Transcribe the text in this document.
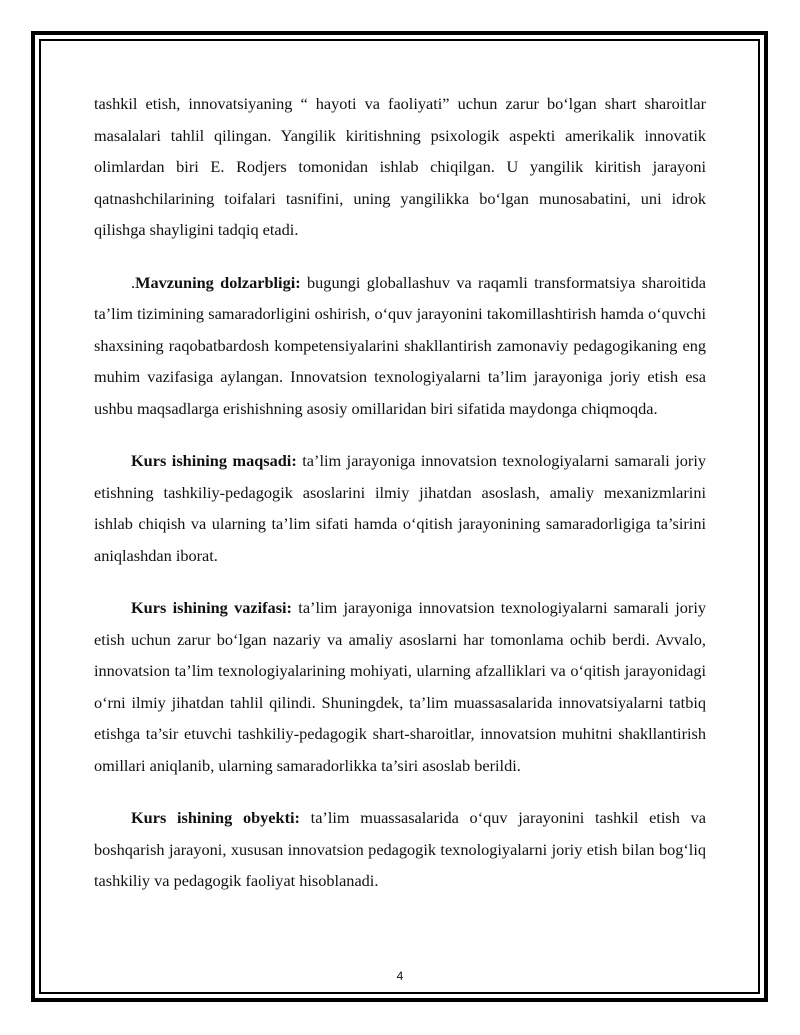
tashkil etish, innovatsiyaning “ hayoti va faoliyati” uchun zarur bo‘lgan shart sharoitlar masalalari tahlil qilingan. Yangilik kiritishning psixologik aspekti amerikalik innovatik olimlardan biri E. Rodjers tomonidan ishlab chiqilgan. U yangilik kiritish jarayoni qatnashchilarining toifalari tasnifini, uning yangilikka bo‘lgan munosabatini, uni idrok qilishga shayligini tadqiq etadi.

.Mavzuning dolzarbligi: bugungi globallashuv va raqamli transformatsiya sharoitida ta’lim tizimining samaradorligini oshirish, o‘quv jarayonini takomillashtirish hamda o‘quvchi shaxsining raqobatbardosh kompetensiyalarini shakllantirish zamonaviy pedagogikaning eng muhim vazifasiga aylangan. Innovatsion texnologiyalarni ta’lim jarayoniga joriy etish esa ushbu maqsadlarga erishishning asosiy omillaridan biri sifatida maydonga chiqmoqda.

Kurs ishining maqsadi: ta’lim jarayoniga innovatsion texnologiyalarni samarali joriy etishning tashkiliy-pedagogik asoslarini ilmiy jihatdan asoslash, amaliy mexanizmlarini ishlab chiqish va ularning ta’lim sifati hamda o‘qitish jarayonining samaradorligiga ta’sirini aniqlashdan iborat.

Kurs ishining vazifasi: ta’lim jarayoniga innovatsion texnologiyalarni samarali joriy etish uchun zarur bo‘lgan nazariy va amaliy asoslarni har tomonlama ochib berdi. Avvalo, innovatsion ta’lim texnologiyalarining mohiyati, ularning afzalliklari va o‘qitish jarayonidagi o‘rni ilmiy jihatdan tahlil qilindi. Shuningdek, ta’lim muassasalarida innovatsiyalarni tatbiq etishga ta’sir etuvchi tashkiliy-pedagogik shart-sharoitlar, innovatsion muhitni shakllantirish omillari aniqlanib, ularning samaradorlikka ta’siri asoslab berildi.

Kurs ishining obyekti: ta’lim muassasalarida o‘quv jarayonini tashkil etish va boshqarish jarayoni, xususan innovatsion pedagogik texnologiyalarni joriy etish bilan bog‘liq tashkiliy va pedagogik faoliyat hisoblanadi.

4
